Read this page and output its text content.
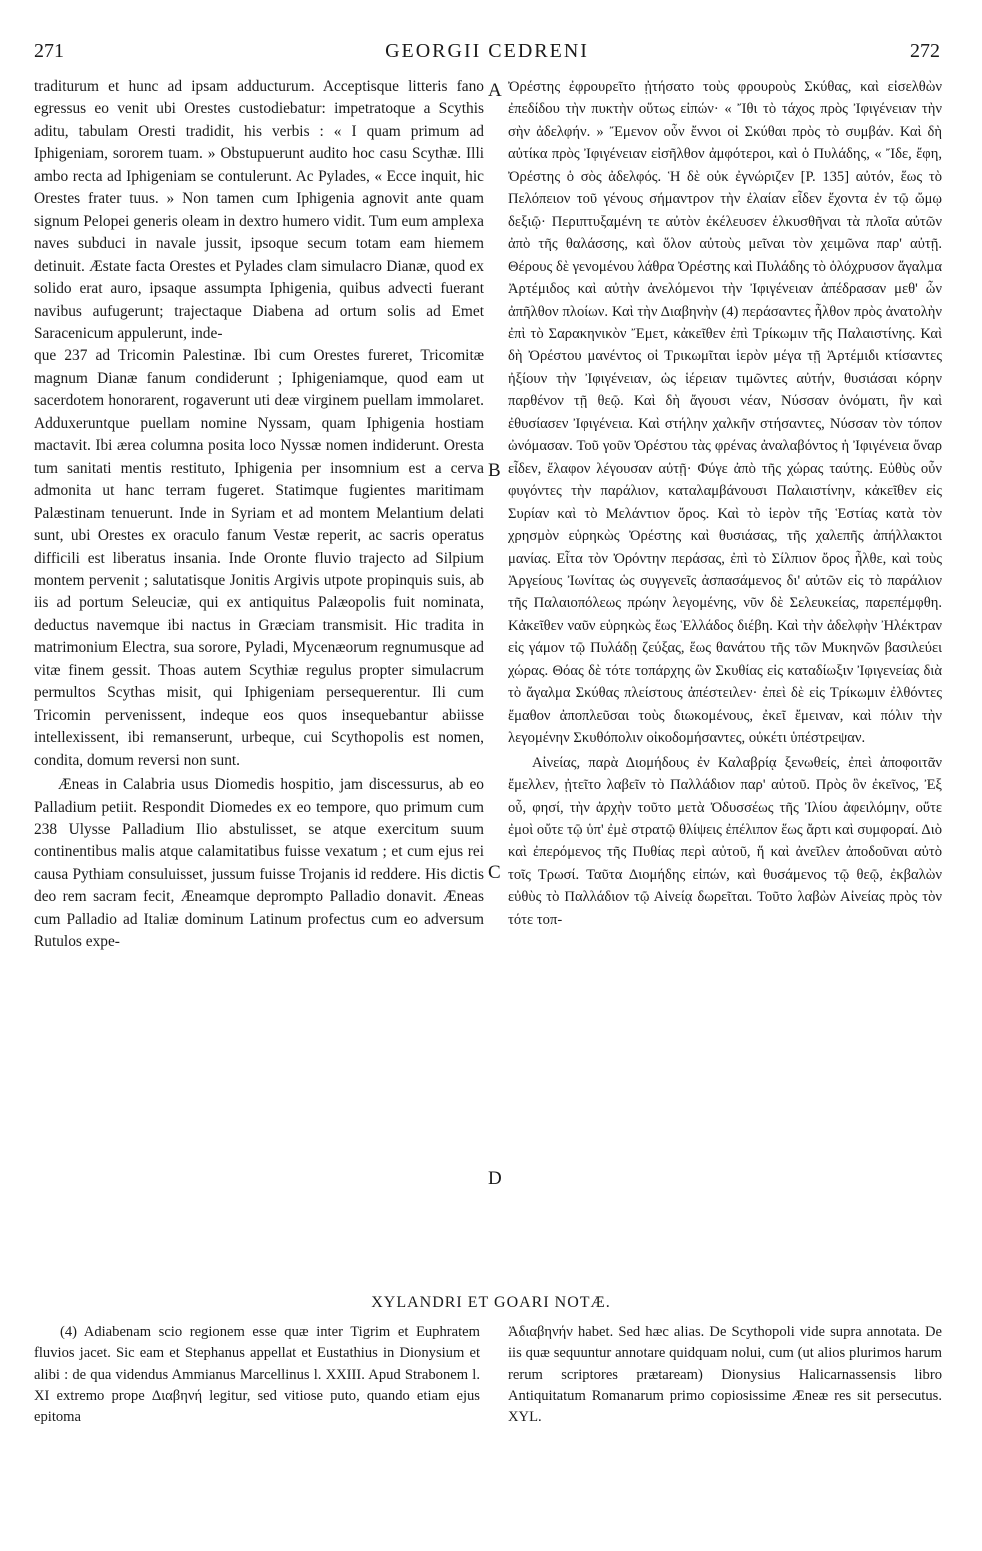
271	GEORGII CEDRENI	272

traditurum et hunc ad ipsam adducturum. Acceptisque litteris fano egressus eo venit ubi Orestes custodiebatur: impetratoque a Scythis aditu, tabulam Oresti tradidit, his verbis : « I quam primum ad Iphigeniam, sororem tuam. » Obstupuerunt audito hoc casu Scythæ. Illi ambo recta ad Iphigeniam se contulerunt. Ac Pylades, « Ecce inquit, hic Orestes frater tuus. » Non tamen cum Iphigenia agnovit ante quam signum Pelopei generis oleam in dextro humero vidit. Tum eum amplexa naves subduci in navale jussit, ipsoque secum totam eam hiemem detinuit. Æstate facta Orestes et Pylades clam simulacro Dianæ, quod ex solido erat auro, ipsaque assumpta Iphigenia, quibus advecti fuerant navibus aufugerunt; trajectaque Diabena ad ortum solis ad Emet Saracenicum appulerunt, inde-

que 237 ad Tricomin Palestinæ. Ibi cum Orestes fureret, Tricomitæ magnum Dianæ fanum condiderunt ; Iphigeniamque, quod eam ut sacerdotem honorarent, rogaverunt uti deæ virginem puellam immolaret. Adduxeruntque puellam nomine Nyssam, quam Iphigenia hostiam mactavit. Ibi ærea columna posita loco Nyssæ nomen indiderunt. Oresta tum sanitati mentis restituto, Iphigenia per insomnium est a cerva admonita ut hanc terram fugeret. Statimque fugientes maritimam Palæstinam tenuerunt. Inde in Syriam et ad montem Melantium delati sunt, ubi Orestes ex oraculo fanum Vestæ reperit, ac sacris operatus difficili est liberatus insania. Inde Oronte fluvio trajecto ad Silpium montem pervenit ; salutatisque Jonitis Argivis utpote propinquis suis, ab iis ad portum Seleuciæ, qui ex antiquitus Palæopolis fuit nominata, deductus navemque ibi nactus in Græciam transmisit. Hic tradita in matrimonium Electra, sua sorore, Pyladi, Mycenæorum regnumusque ad vitæ finem gessit. Thoas autem Scythiæ regulus propter simulacrum permultos Scythas misit, qui Iphigeniam persequerentur. Ili cum Tricomin pervenissent, indeque eos quos insequebantur abiisse intellexissent, ibi remanserunt, urbeque, cui Scythopolis est nomen, condita, domum reversi non sunt.

Æneas in Calabria usus Diomedis hospitio, jam discessurus, ab eo Palladium petiit. Respondit Diomedes ex eo tempore, quo primum cum 238 Ulysse Palladium Ilio abstulisset, se atque exercitum suum continentibus malis atque calamitatibus fuisse vexatum ; et cum ejus rei causa Pythiam consuluisset, jussum fuisse Trojanis id reddere. His dictis deo rem sacram fecit, Æneamque deprompto Palladio donavit. Æneas cum Palladio ad Italiæ dominum Latinum profectus cum eo adversum Rutulos expe-

A
B
C
D

Ὀρέστης ἐφρουρεῖτο ᾐτήσατο τοὺς φρουροὺς Σκύθας, καὶ εἰσελθὼν ἐπεδίδου τὴν πυκτὴν οὕτως εἰπών· « Ἴθι τὸ τάχος πρὸς Ἰφιγένειαν τὴν σὴν ἀδελφήν. » Ἔμενον οὖν ἔννοι οἱ Σκύθαι πρὸς τὸ συμβάν. Καὶ δὴ αὐτίκα πρὸς Ἰφιγένειαν εἰσῆλθον ἀμφότεροι, καὶ ὁ Πυλάδης, « Ἴδε, ἔφη, Ὀρέστης ὁ σὸς ἀδελφός. Ἡ δὲ οὐκ ἐγνώριζεν [P. 135] αὐτόν, ἕως τὸ Πελόπειον τοῦ γένους σήμαντρον τὴν ἐλαίαν εἶδεν ἔχοντα ἐν τῷ ὤμῳ δεξιῷ· Περιπτυξαμένη τε αὐτὸν ἐκέλευσεν ἑλκυσθῆναι τὰ πλοῖα αὐτῶν ἀπὸ τῆς θαλάσσης, καὶ ὅλον αὐτοὺς μεῖναι τὸν χειμῶνα παρ' αὐτῇ. Θέρους δὲ γενομένου λάθρα Ὀρέστης καὶ Πυλάδης τὸ ὁλόχρυσον ἄγαλμα Ἀρτέμιδος καὶ αὐτὴν ἀνελόμενοι τὴν Ἰφιγένειαν ἀπέδρασαν μεθ' ὧν ἀπῆλθον πλοίων. Καὶ τὴν Διαβηνὴν (4) περάσαντες ἦλθον πρὸς ἀνατολὴν ἐπὶ τὸ Σαρακηνικὸν Ἔμετ, κἀκεῖθεν ἐπὶ Τρίκωμιν τῆς Παλαιστίνης. Καὶ δὴ Ὀρέστου μανέντος οἱ Τρικωμῖται ἱερὸν μέγα τῇ Ἀρτέμιδι κτίσαντες ἠξίουν τὴν Ἰφιγένειαν, ὡς ἱέρειαν τιμῶντες αὐτήν, θυσιάσαι κόρην παρθένον τῇ θεῷ. Καὶ δὴ ἄγουσι νέαν, Νύσσαν ὀνόματι, ἣν καὶ ἐθυσίασεν Ἰφιγένεια. Καὶ στήλην χαλκῆν στήσαντες, Νύσσαν τὸν τόπον ὠνόμασαν. Τοῦ γοῦν Ὀρέστου τὰς φρένας ἀναλαβόντος ἡ Ἰφιγένεια ὄναρ εἶδεν, ἔλαφον λέγουσαν αὐτῇ· Φύγε ἀπὸ τῆς χώρας ταύτης. Εὐθὺς οὖν φυγόντες τὴν παράλιον, καταλαμβάνουσι Παλαιστίνην, κἀκεῖθεν εἰς Συρίαν καὶ τὸ Μελάντιον ὄρος. Καὶ τὸ ἱερὸν τῆς Ἑστίας κατὰ τὸν χρησμὸν εὑρηκὼς Ὀρέστης καὶ θυσιάσας, τῆς χαλεπῆς ἀπήλλακτοι μανίας. Εἶτα τὸν Ὀρόντην περάσας, ἐπὶ τὸ Σίλπιον ὄρος ἦλθε, καὶ τοὺς Ἀργείους Ἰωνίτας ὡς συγγενεῖς ἀσπασάμενος δι' αὐτῶν εἰς τὸ παράλιον τῆς Παλαιοπόλεως πρώην λεγομένης, νῦν δὲ Σελευκείας, παρεπέμφθη. Κἀκεῖθεν ναῦν εὑρηκὼς ἕως Ἑλλάδος διέβη. Καὶ τὴν ἀδελφὴν Ἠλέκτραν εἰς γάμον τῷ Πυλάδῃ ζεύξας, ἕως θανάτου τῆς τῶν Μυκηνῶν βασιλεύει χώρας. Θόας δὲ τότε τοπάρχης ὢν Σκυθίας εἰς καταδίωξιν Ἰφιγενείας διὰ τὸ ἄγαλμα Σκύθας πλείστους ἀπέστειλεν· ἐπεὶ δὲ εἰς Τρίκωμιν ἐλθόντες ἔμαθον ἀποπλεῦσαι τοὺς διωκομένους, ἐκεῖ ἔμειναν, καὶ πόλιν τὴν λεγομένην Σκυθόπολιν οἰκοδομήσαντες, οὐκέτι ὑπέστρεψαν.

Αἰνείας, παρὰ Διομήδους ἐν Καλαβρίᾳ ξενωθείς, ἐπεὶ ἀποφοιτᾶν ἔμελλεν, ᾐτεῖτο λαβεῖν τὸ Παλλάδιον παρ' αὐτοῦ. Πρὸς ὃν ἐκεῖνος, Ἐξ οὗ, φησί, τὴν ἀρχὴν τοῦτο μετὰ Ὀδυσσέως τῆς Ἰλίου ἀφειλόμην, οὔτε ἐμοὶ οὔτε τῷ ὑπ' ἐμὲ στρατῷ θλίψεις ἐπέλιπον ἕως ἄρτι καὶ συμφοραί. Διὸ καὶ ἐπερόμενος τῆς Πυθίας περὶ αὐτοῦ, ἥ καὶ ἀνεῖλεν ἀποδοῦναι αὐτὸ τοῖς Τρωσί. Ταῦτα Διομήδης εἰπών, καὶ θυσάμενος τῷ θεῷ, ἐκβαλὼν εὐθὺς τὸ Παλλάδιον τῷ Αἰνείᾳ δωρεῖται. Τοῦτο λαβὼν Αἰνείας πρὸς τὸν τότε τοπ-

XYLANDRI ET GOARI NOTÆ.

(4) Adiabenam scio regionem esse quæ inter Tigrim et Euphratem fluvios jacet. Sic eam et Stephanus appellat et Eustathius in Dionysium et alibi : de qua videndus Ammianus Marcellinus l. XXIII. Apud Strabonem l. XI extremo prope Διαβηνή legitur, sed vitiose puto, quando etiam ejus epitoma

Ἀδιαβηνήν habet. Sed hæc alias. De Scythopoli vide supra annotata. De iis quæ sequuntur annotare quidquam nolui, cum (ut alios plurimos harum rerum scriptores prætaream) Dionysius Halicarnassensis libro Antiquitatum Romanarum primo copiosissime Æneæ res sit persecutus. XYL.
